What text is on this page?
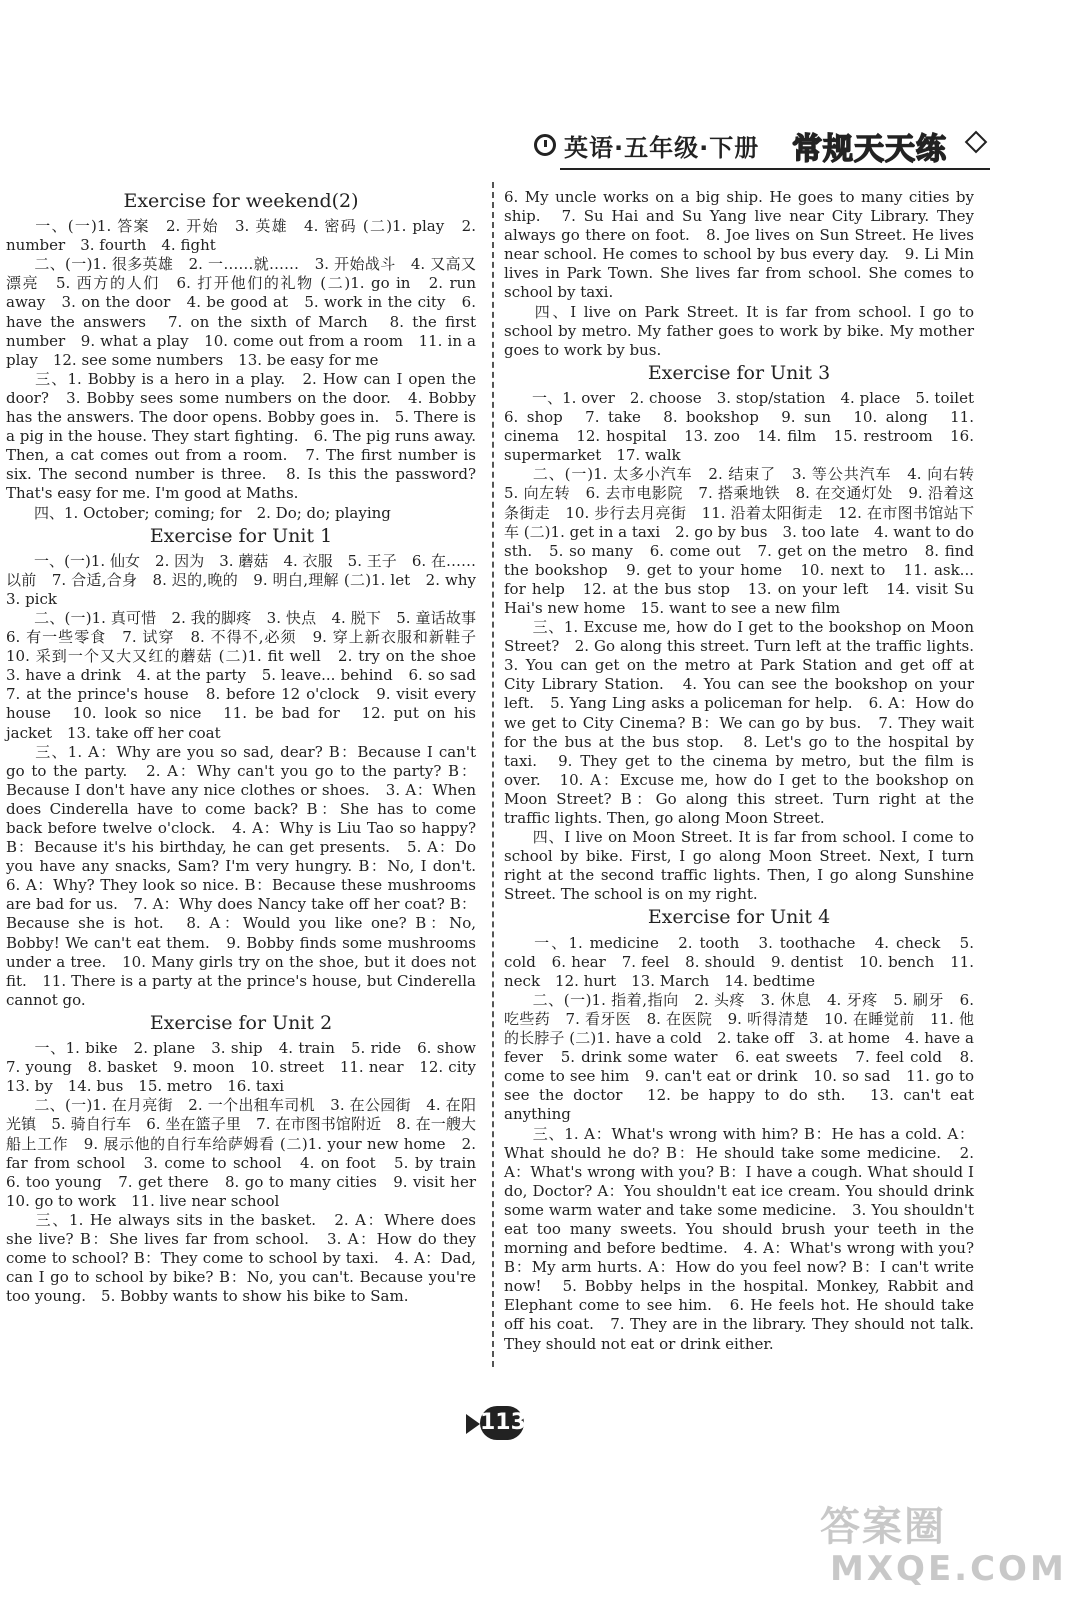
英语·五年级·下册 常规天天练
Exercise for weekend(2)

一、(一)1. 答案　2. 开始　3. 英雄　4. 密码 (二)1. play　2. number　3. fourth　4. fight

二、(一)1. 很多英雄　2. 一……就……　3. 开始战斗　4. 又高又漂亮　5. 西方的人们　6. 打开他们的礼物 (二)1. go in　2. run away　3. on the door　4. be good at　5. work in the city　6. have the answers　7. on the sixth of March　8. the first number　9. what a play　10. come out from a room　11. in a play　12. see some numbers　13. be easy for me

三、1. Bobby is a hero in a play.　2. How can I open the door?　3. Bobby sees some numbers on the door.　4. Bobby has the answers. The door opens. Bobby goes in.　5. There is a pig in the house. They start fighting.　6. The pig runs away. Then, a cat comes out from a room.　7. The first number is six. The second number is three.　8. Is this the password? That's easy for me. I'm good at Maths.

四、1. October; coming; for　2. Do; do; playing

Exercise for Unit 1

一、(一)1. 仙女　2. 因为　3. 蘑菇　4. 衣服　5. 王子　6. 在……以前　7. 合适,合身　8. 迟的,晚的　9. 明白,理解 (二)1. let　2. why　3. pick

二、(一)1. 真可惜　2. 我的脚疼　3. 快点　4. 脱下　5. 童话故事　6. 有一些零食　7. 试穿　8. 不得不,必须　9. 穿上新衣服和新鞋子　10. 采到一个又大又红的蘑菇 (二)1. fit well　2. try on the shoe　3. have a drink　4. at the party　5. leave... behind　6. so sad　7. at the prince's house　8. before 12 o'clock　9. visit every house　10. look so nice　11. be bad for　12. put on his jacket　13. take off her coat

三、1. A：Why are you so sad, dear? B：Because I can't go to the party.　2. A：Why can't you go to the party? B：Because I don't have any nice clothes or shoes.　3. A：When does Cinderella have to come back? B：She has to come back before twelve o'clock.　4. A：Why is Liu Tao so happy? B：Because it's his birthday, he can get presents.　5. A：Do you have any snacks, Sam? I'm very hungry. B：No, I don't.　6. A：Why? They look so nice. B：Because these mushrooms are bad for us.　7. A：Why does Nancy take off her coat? B：Because she is hot.　8. A：Would you like one? B：No, Bobby! We can't eat them.　9. Bobby finds some mushrooms under a tree.　10. Many girls try on the shoe, but it does not fit.　11. There is a party at the prince's house, but Cinderella cannot go.

Exercise for Unit 2

一、1. bike　2. plane　3. ship　4. train　5. ride　6. show　7. young　8. basket　9. moon　10. street　11. near　12. city　13. by　14. bus　15. metro　16. taxi

二、(一)1. 在月亮街　2. 一个出租车司机　3. 在公园街　4. 在阳光镇　5. 骑自行车　6. 坐在篮子里　7. 在市图书馆附近　8. 在一艘大船上工作　9. 展示他的自行车给萨姆看 (二)1. your new home　2. far from school　3. come to school　4. on foot　5. by train　6. too young　7. get there　8. go to many cities　9. visit her　10. go to work　11. live near school

三、1. He always sits in the basket.　2. A：Where does she live? B：She lives far from school.　3. A：How do they come to school? B：They come to school by taxi.　4. A：Dad, can I go to school by bike? B：No, you can't. Because you're too young.　5. Bobby wants to show his bike to Sam.

6. My uncle works on a big ship. He goes to many cities by ship.　7. Su Hai and Su Yang live near City Library. They always go there on foot.　8. Joe lives on Sun Street. He lives near school. He comes to school by bus every day.　9. Li Min lives in Park Town. She lives far from school. She comes to school by taxi.

四、I live on Park Street. It is far from school. I go to school by metro. My father goes to work by bike. My mother goes to work by bus.

Exercise for Unit 3

一、1. over　2. choose　3. stop/station　4. place　5. toilet　6. shop　7. take　8. bookshop　9. sun　10. along　11. cinema　12. hospital　13. zoo　14. film　15. restroom　16. supermarket　17. walk

二、(一)1. 太多小汽车　2. 结束了　3. 等公共汽车　4. 向右转　5. 向左转　6. 去市电影院　7. 搭乘地铁　8. 在交通灯处　9. 沿着这条街走　10. 步行去月亮街　11. 沿着太阳街走　12. 在市图书馆站下车 (二)1. get in a taxi　2. go by bus　3. too late　4. want to do sth.　5. so many　6. come out　7. get on the metro　8. find the bookshop　9. get to your home　10. next to　11. ask... for help　12. at the bus stop　13. on your left　14. visit Su Hai's new home　15. want to see a new film

三、1. Excuse me, how do I get to the bookshop on Moon Street?　2. Go along this street. Turn left at the traffic lights.　3. You can get on the metro at Park Station and get off at City Library Station.　4. You can see the bookshop on your left.　5. Yang Ling asks a policeman for help.　6. A：How do we get to City Cinema? B：We can go by bus.　7. They wait for the bus at the bus stop.　8. Let's go to the hospital by taxi.　9. They get to the cinema by metro, but the film is over.　10. A：Excuse me, how do I get to the bookshop on Moon Street? B：Go along this street. Turn right at the traffic lights. Then, go along Moon Street.

四、I live on Moon Street. It is far from school. I come to school by bike. First, I go along Moon Street. Next, I turn right at the second traffic lights. Then, I go along Sunshine Street. The school is on my right.

Exercise for Unit 4

一、1. medicine　2. tooth　3. toothache　4. check　5. cold　6. hear　7. feel　8. should　9. dentist　10. bench　11. neck　12. hurt　13. March　14. bedtime

二、(一)1. 指着,指向　2. 头疼　3. 休息　4. 牙疼　5. 刷牙　6. 吃些药　7. 看牙医　8. 在医院　9. 听得清楚　10. 在睡觉前　11. 他的长脖子 (二)1. have a cold　2. take off　3. at home　4. have a fever　5. drink some water　6. eat sweets　7. feel cold　8. come to see him　9. can't eat or drink　10. so sad　11. go to see the doctor　12. be happy to do sth.　13. can't eat anything

三、1. A：What's wrong with him? B：He has a cold. A：What should he do? B：He should take some medicine.　2. A：What's wrong with you? B：I have a cough. What should I do, Doctor? A：You shouldn't eat ice cream. You should drink some warm water and take some medicine.　3. You shouldn't eat too many sweets. You should brush your teeth in the morning and before bedtime.　4. A：What's wrong with you? B：My arm hurts. A：How do you feel now? B：I can't write now!　5. Bobby helps in the hospital. Monkey, Rabbit and Elephant come to see him.　6. He feels hot. He should take off his coat.　7. They are in the library. They should not talk. They should not eat or drink either.

113
答案圈
MXQE.COM
